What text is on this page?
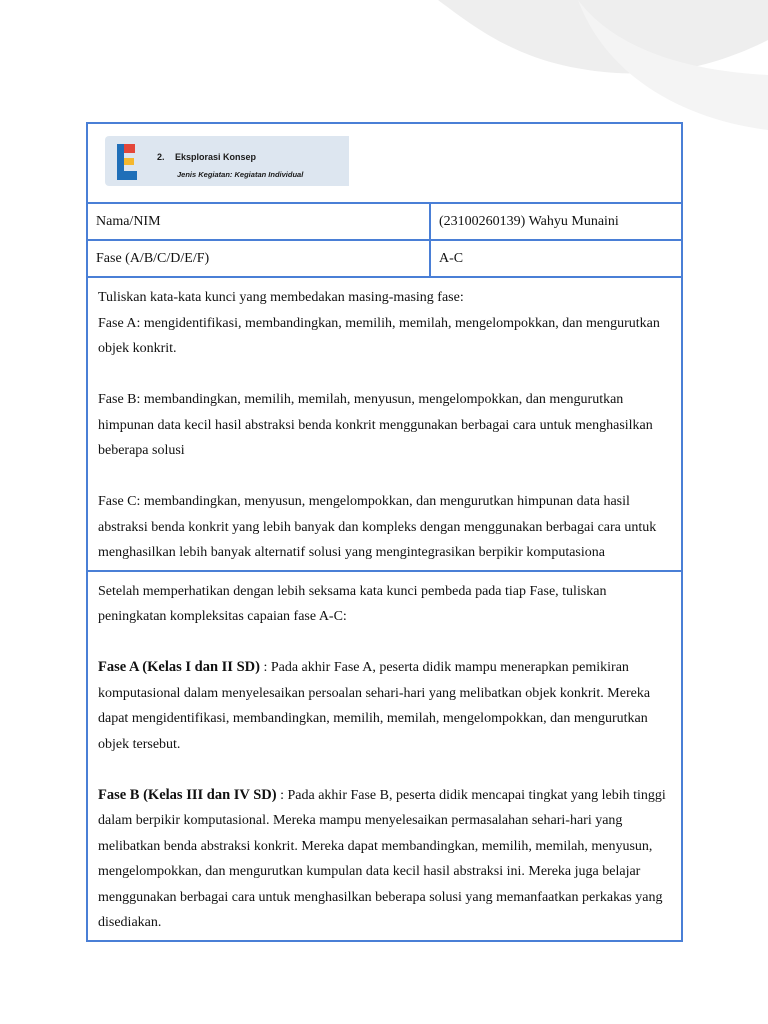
2. Eksplorasi Konsep
Jenis Kegiatan: Kegiatan Individual	

Nama/NIM	(23100260139) Wahyu Munaini
Fase (A/B/C/D/E/F)	A-C

Tuliskan kata-kata kunci yang membedakan masing-masing fase:

Fase A: mengidentifikasi, membandingkan, memilih, memilah, mengelompokkan, dan mengurutkan objek konkrit.

Fase B: membandingkan, memilih, memilah, menyusun, mengelompokkan, dan mengurutkan himpunan data kecil hasil abstraksi benda konkrit menggunakan berbagai cara untuk menghasilkan beberapa solusi

Fase C: membandingkan, menyusun, mengelompokkan, dan mengurutkan himpunan data hasil abstraksi benda konkrit yang lebih banyak dan kompleks dengan menggunakan berbagai cara untuk menghasilkan lebih banyak alternatif solusi yang mengintegrasikan berpikir komputasiona	

Setelah memperhatikan dengan lebih seksama kata kunci pembeda pada tiap Fase, tuliskan peningkatan kompleksitas capaian fase A-C:

Fase A (Kelas I dan II SD) : Pada akhir Fase A, peserta didik mampu menerapkan pemikiran komputasional dalam menyelesaikan persoalan sehari-hari yang melibatkan objek konkrit. Mereka dapat mengidentifikasi, membandingkan, memilih, memilah, mengelompokkan, dan mengurutkan objek tersebut.

Fase B (Kelas III dan IV SD) : Pada akhir Fase B, peserta didik mencapai tingkat yang lebih tinggi dalam berpikir komputasional. Mereka mampu menyelesaikan permasalahan sehari-hari yang melibatkan benda abstraksi konkrit. Mereka dapat membandingkan, memilih, memilah, menyusun, mengelompokkan, dan mengurutkan kumpulan data kecil hasil abstraksi ini. Mereka juga belajar menggunakan berbagai cara untuk menghasilkan beberapa solusi yang memanfaatkan perkakas yang disediakan.	
